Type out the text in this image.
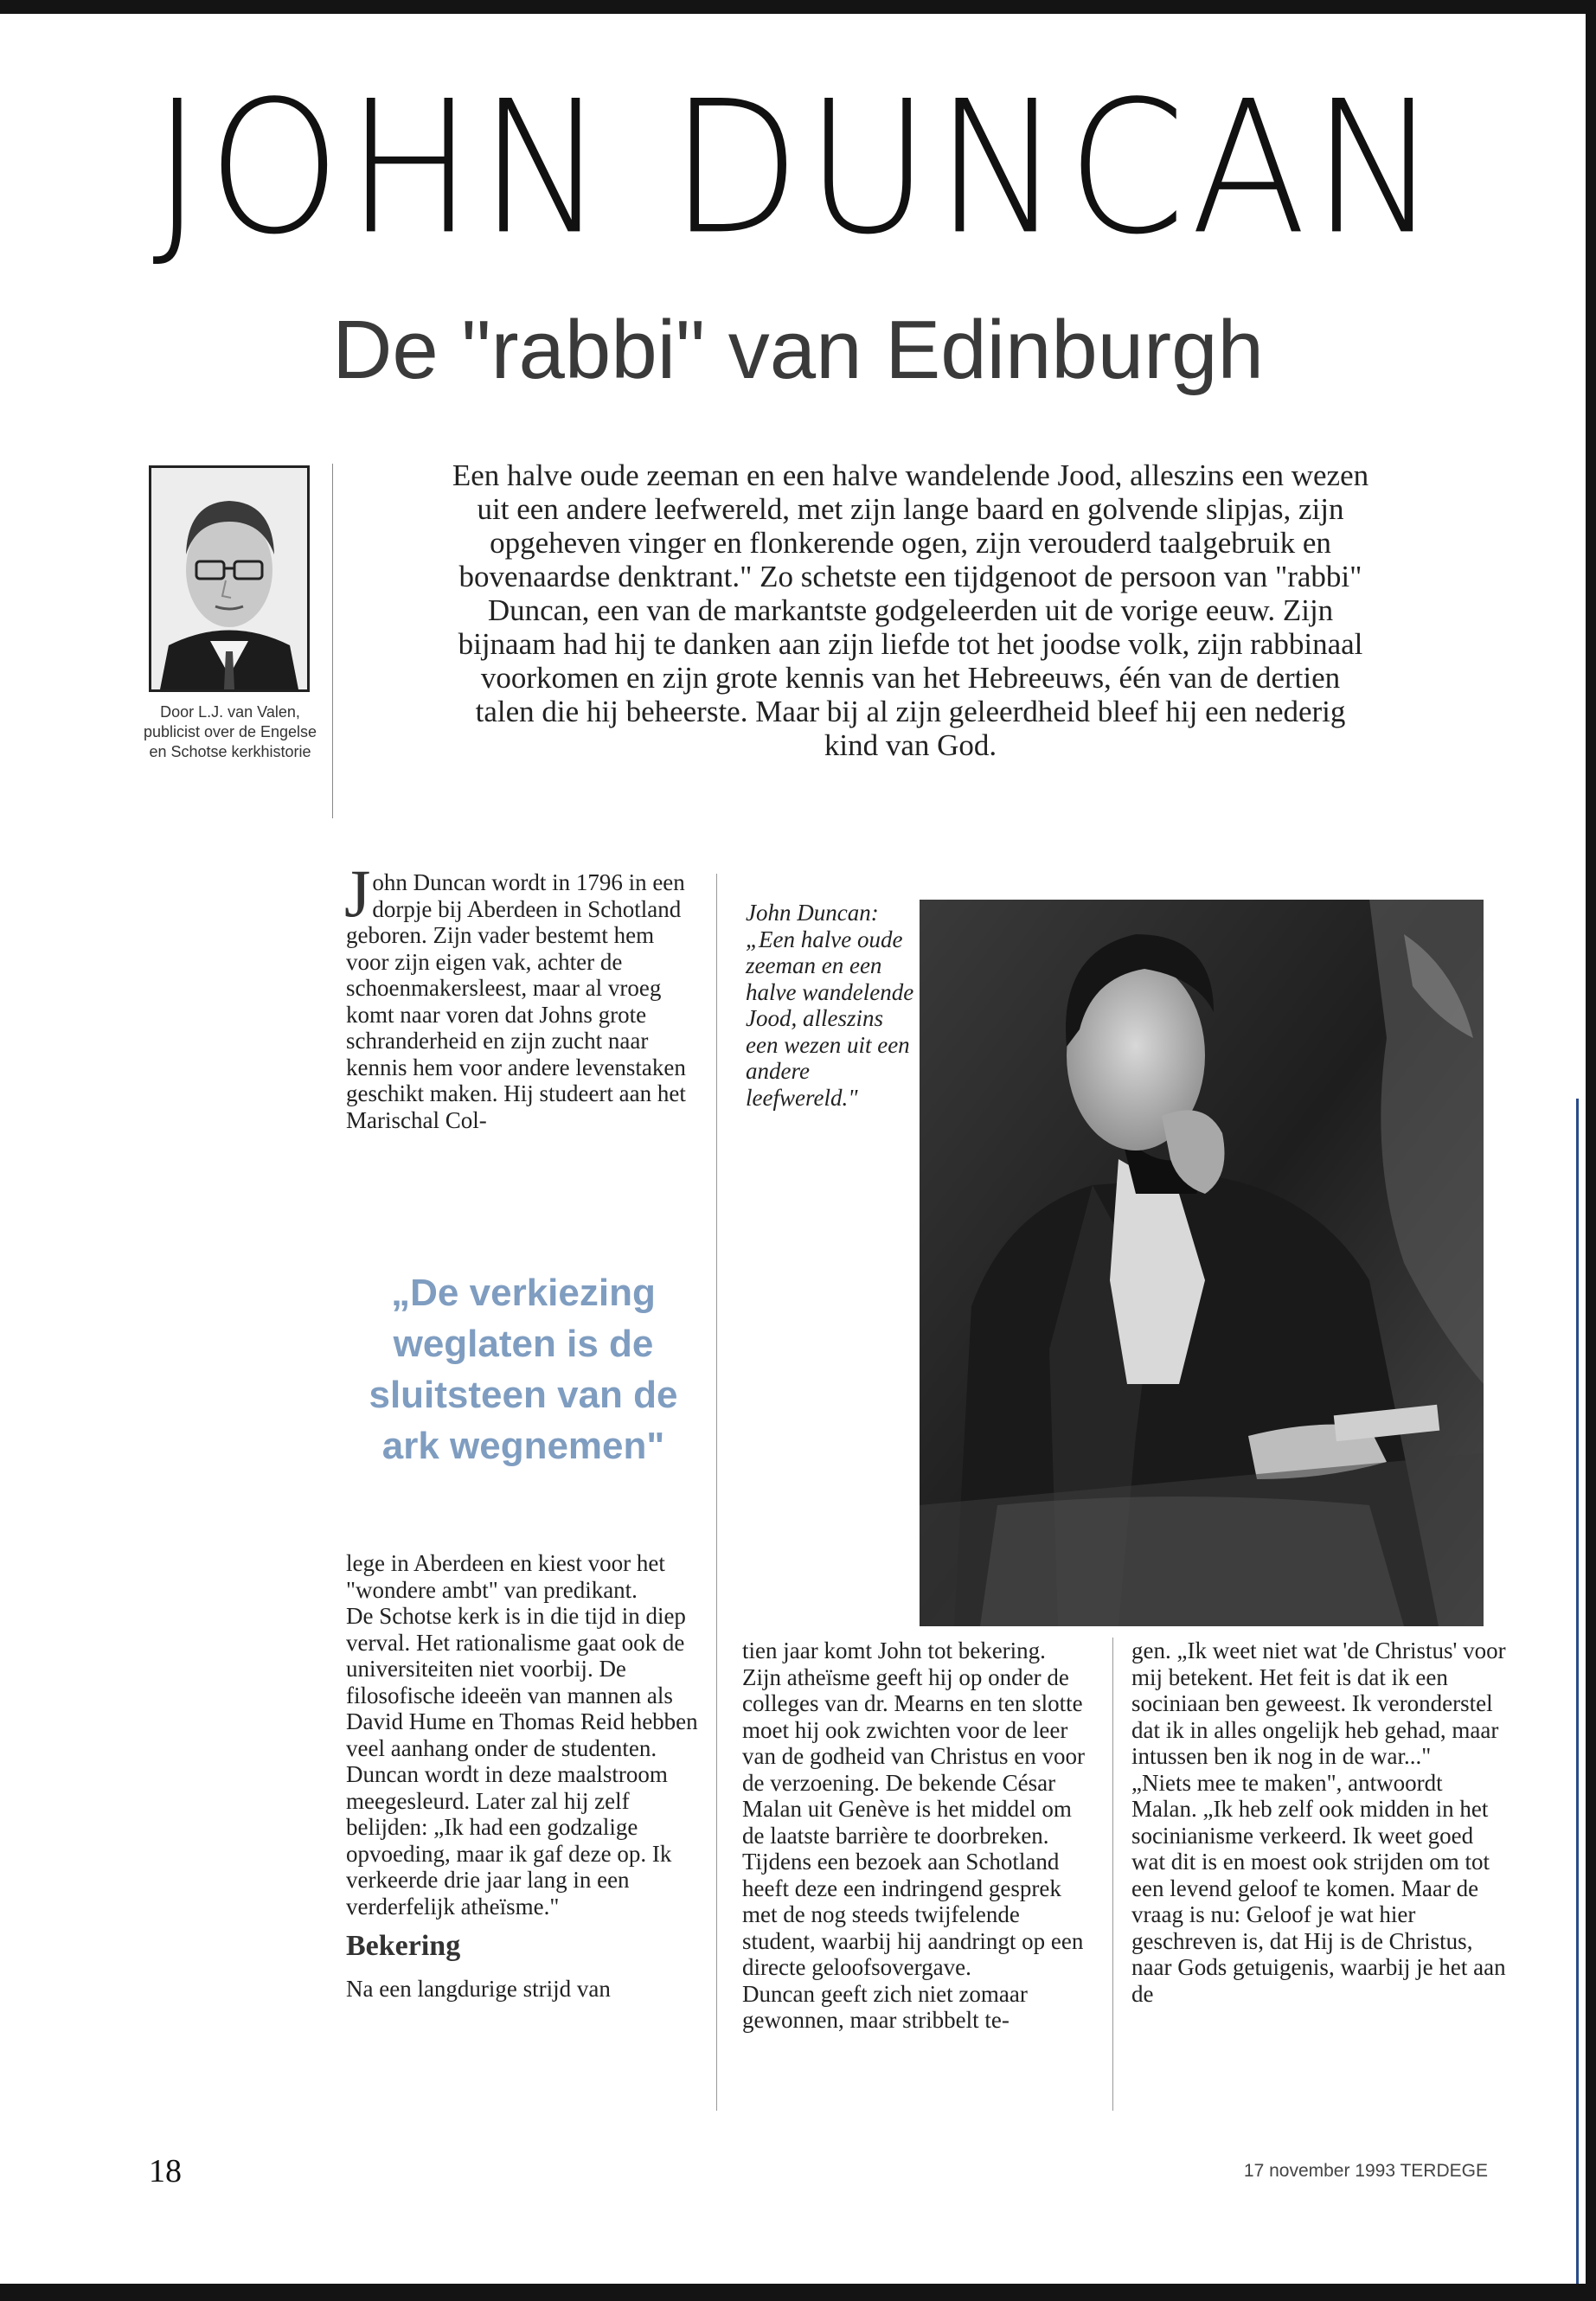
JOHN DUNCAN
De "rabbi" van Edinburgh
Door L.J. van Valen, publicist over de Engelse en Schotse kerkhistorie
Een halve oude zeeman en een halve wandelende Jood, alleszins een wezen uit een andere leefwereld, met zijn lange baard en golvende slipjas, zijn opgeheven vinger en flonkerende ogen, zijn verouderd taalgebruik en bovenaardse denktrant." Zo schetste een tijdgenoot de persoon van "rabbi" Duncan, een van de markantste godgeleerden uit de vorige eeuw. Zijn bijnaam had hij te danken aan zijn liefde tot het joodse volk, zijn rabbinaal voorkomen en zijn grote kennis van het Hebreeuws, één van de dertien talen die hij beheerste. Maar bij al zijn geleerdheid bleef hij een nederig kind van God.

John Duncan wordt in 1796 in een dorpje bij Aberdeen in Schotland geboren. Zijn vader bestemt hem voor zijn eigen vak, achter de schoenmakersleest, maar al vroeg komt naar voren dat Johns grote schranderheid en zijn zucht naar kennis hem voor andere levenstaken geschikt maken. Hij studeert aan het Marischal Col-

„De verkiezing weglaten is de sluitsteen van de ark wegnemen"

lege in Aberdeen en kiest voor het "wondere ambt" van predikant.

De Schotse kerk is in die tijd in diep verval. Het rationalisme gaat ook de universiteiten niet voorbij. De filosofische ideeën van mannen als David Hume en Thomas Reid hebben veel aanhang onder de studenten. Duncan wordt in deze maalstroom meegesleurd. Later zal hij zelf belijden: „Ik had een godzalige opvoeding, maar ik gaf deze op. Ik verkeerde drie jaar lang in een verderfelijk atheïsme."

Bekering

Na een langdurige strijd van

John Duncan: „Een halve oude zeeman en een halve wandelende Jood, alleszins een wezen uit een andere leefwereld."

tien jaar komt John tot bekering. Zijn atheïsme geeft hij op onder de colleges van dr. Mearns en ten slotte moet hij ook zwichten voor de leer van de godheid van Christus en voor de verzoening. De bekende César Malan uit Genève is het middel om de laatste barrière te doorbreken. Tijdens een bezoek aan Schotland heeft deze een indringend gesprek met de nog steeds twijfelende student, waarbij hij aandringt op een directe geloofsovergave.

Duncan geeft zich niet zomaar gewonnen, maar stribbelt te-

gen. „Ik weet niet wat 'de Christus' voor mij betekent. Het feit is dat ik een sociniaan ben geweest. Ik veronderstel dat ik in alles ongelijk heb gehad, maar intussen ben ik nog in de war..."

„Niets mee te maken", antwoordt Malan. „Ik heb zelf ook midden in het socinianisme verkeerd. Ik weet goed wat dit is en moest ook strijden om tot een levend geloof te komen. Maar de vraag is nu: Geloof je wat hier geschreven is, dat Hij is de Christus, naar Gods getuigenis, waarbij je het aan de

18	17 november 1993 TERDEGE
